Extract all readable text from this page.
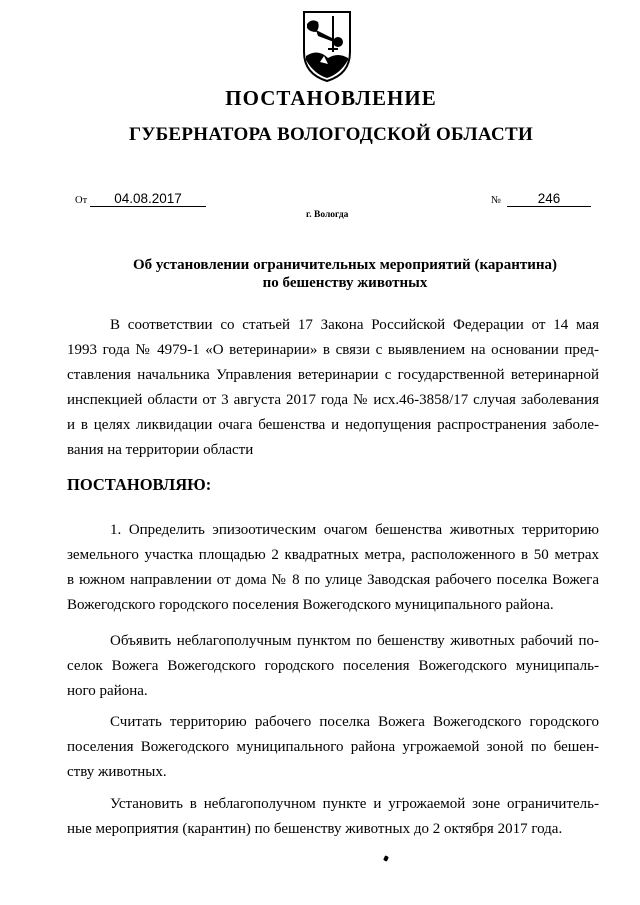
ПОСТАНОВЛЕНИЕ
ГУБЕРНАТОРА ВОЛОГОДСКОЙ ОБЛАСТИ
От	04.08.2017	№	246
г. Вологда
Об установлении ограничительных мероприятий (карантина)
по бешенству животных
В соответствии со статьей 17 Закона Российской Федерации от 14 мая
1993 года № 4979-1 «О ветеринарии» в связи с выявлением на основании пред-
ставления начальника Управления ветеринарии с государственной ветеринарной
инспекцией области от 3 августа 2017 года № исх.46-3858/17 случая заболевания
и в целях ликвидации очага бешенства и недопущения распространения заболе-
вания на территории области
ПОСТАНОВЛЯЮ:
1. Определить эпизоотическим очагом бешенства животных территорию
земельного участка площадью 2 квадратных метра, расположенного в 50 метрах
в южном направлении от дома № 8 по улице Заводская рабочего поселка Вожега
Вожегодского городского поселения Вожегодского муниципального района.
Объявить неблагополучным пунктом по бешенству животных рабочий по-
селок Вожега Вожегодского городского поселения Вожегодского муниципаль-
ного района.
Считать территорию рабочего поселка Вожега Вожегодского городского
поселения Вожегодского муниципального района угрожаемой зоной по бешен-
ству животных.
Установить в неблагополучном пункте и угрожаемой зоне ограничитель-
ные мероприятия (карантин) по бешенству животных до 2 октября 2017 года.
